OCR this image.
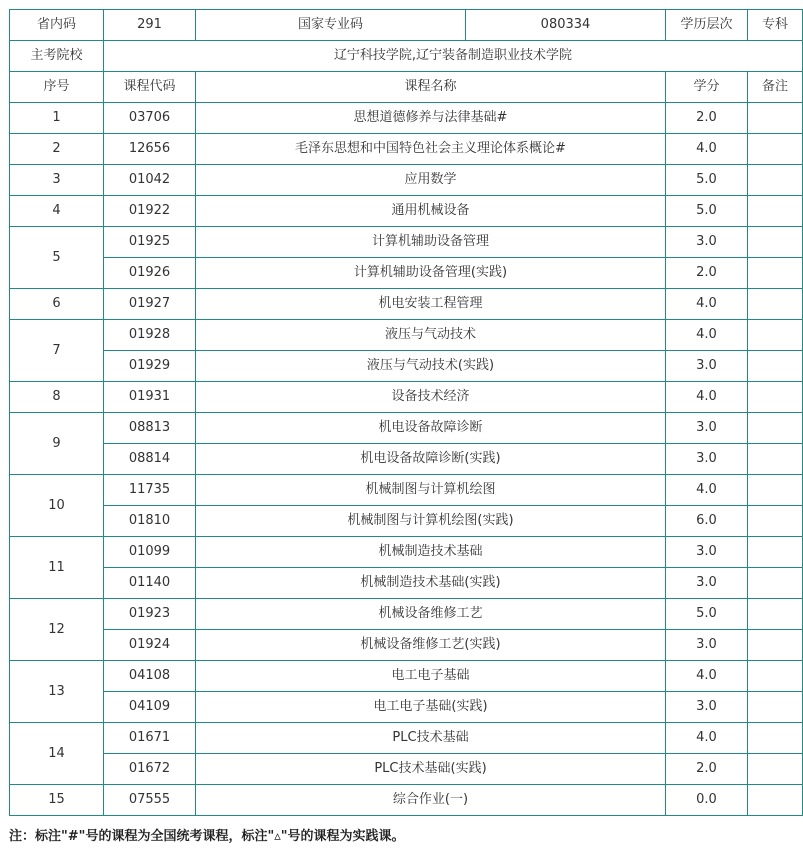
省内码	291	国家专业码	080334	学历层次	专科
主考院校	辽宁科技学院,辽宁装备制造职业技术学院				
序号	课程代码	课程名称		学分	备注
1	03706	思想道德修养与法律基础#		2.0	
2	12656	毛泽东思想和中国特色社会主义理论体系概论#		4.0	
3	01042	应用数学		5.0	
4	01922	通用机械设备		5.0	
5	01925	计算机辅助设备管理		3.0	
	01926	计算机辅助设备管理(实践)		2.0	
6	01927	机电安装工程管理		4.0	
7	01928	液压与气动技术		4.0	
	01929	液压与气动技术(实践)		3.0	
8	01931	设备技术经济		4.0	
9	08813	机电设备故障诊断		3.0	
	08814	机电设备故障诊断(实践)		3.0	
10	11735	机械制图与计算机绘图		4.0	
	01810	机械制图与计算机绘图(实践)		6.0	
11	01099	机械制造技术基础		3.0	
	01140	机械制造技术基础(实践)		3.0	
12	01923	机械设备维修工艺		5.0	
	01924	机械设备维修工艺(实践)		3.0	
13	04108	电工电子基础		4.0	
	04109	电工电子基础(实践)		3.0	
14	01671	PLC技术基础		4.0	
	01672	PLC技术基础(实践)		2.0	
15	07555	综合作业(一)		0.0	
注：标注"#"号的课程为全国统考课程，标注"▵"号的课程为实践课。
